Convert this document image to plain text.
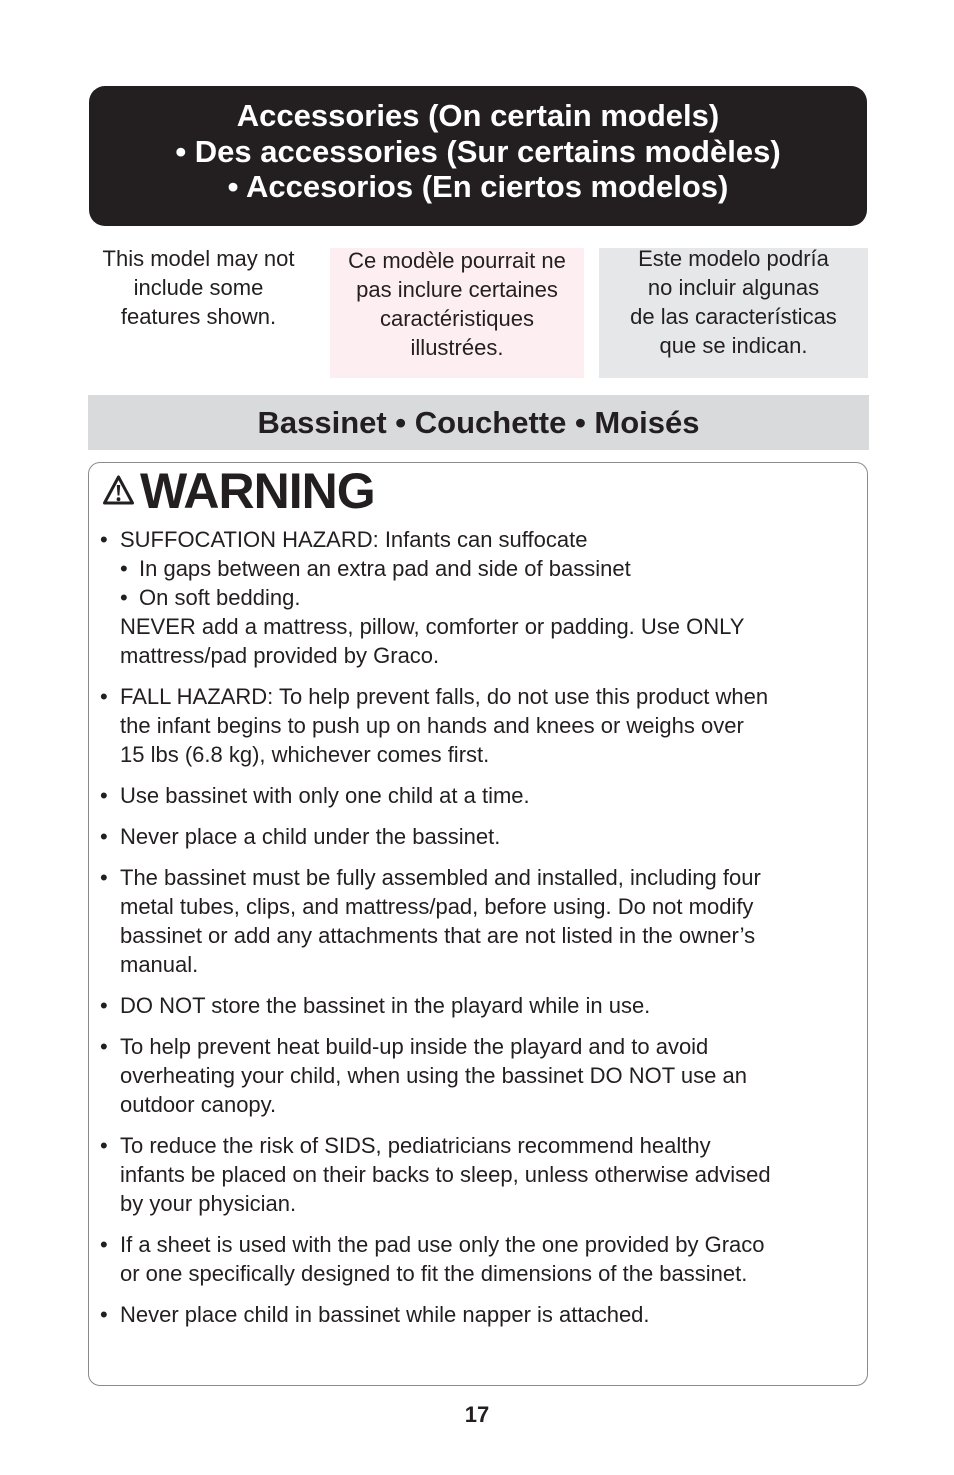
Accessories (On certain models)
• Des accessories (Sur certains modèles)
• Accesorios (En ciertos modelos)
This model may not
include some
features shown.
Ce modèle pourrait ne
pas inclure certaines
caractéristiques
illustrées.
Este modelo podría
no incluir algunas
de las características
que se indican.
Bassinet • Couchette • Moisés
WARNING
• SUFFOCATION HAZARD: Infants can suffocate
• In gaps between an extra pad and side of bassinet
• On soft bedding.
NEVER add a mattress, pillow, comforter or padding. Use ONLY
mattress/pad provided by Graco.
• FALL HAZARD: To help prevent falls, do not use this product when
the infant begins to push up on hands and knees or weighs over
15 lbs (6.8 kg), whichever comes first.
• Use bassinet with only one child at a time.
• Never place a child under the bassinet.
• The bassinet must be fully assembled and installed, including four
metal tubes, clips, and mattress/pad, before using. Do not modify
bassinet or add any attachments that are not listed in the owner’s
manual.
• DO NOT store the bassinet in the playard while in use.
• To help prevent heat build-up inside the playard and to avoid
overheating your child, when using the bassinet DO NOT use an
outdoor canopy.
• To reduce the risk of SIDS, pediatricians recommend healthy
infants be placed on their backs to sleep, unless otherwise advised
by your physician.
• If a sheet is used with the pad use only the one provided by Graco
or one specifically designed to fit the dimensions of the bassinet.
• Never place child in bassinet while napper is attached.
17
